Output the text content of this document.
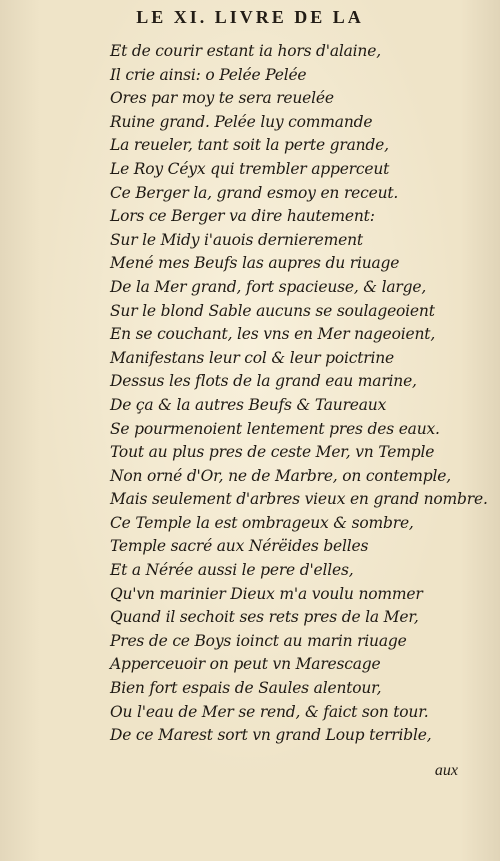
LE XI. LIVRE DE LA
Et de courir estant ia hors d'alaine,
Il crie ainsi: o Pelée Pelée
Ores par moy te sera reuelée
Ruine grand. Pelée luy commande
La reueler, tant soit la perte grande,
Le Roy Céyx qui trembler apperceut
Ce Berger la, grand esmoy en receut.
Lors ce Berger va dire hautement:
Sur le Midy i'auois dernierement
Mené mes Beufs las aupres du riuage
De la Mer grand, fort spacieuse, & large,
Sur le blond Sable aucuns se soulageoient
En se couchant, les vns en Mer nageoient,
Manifestans leur col & leur poictrine
Dessus les flots de la grand eau marine,
De ça & la autres Beufs & Taureaux
Se pourmenoient lentement pres des eaux.
Tout au plus pres de ceste Mer, vn Temple
Non orné d'Or, ne de Marbre, on contemple,
Mais seulement d'arbres vieux en grand nombre.
Ce Temple la est ombrageux & sombre,
Temple sacré aux Nérëides belles
Et a Nérée aussi le pere d'elles,
Qu'vn marinier Dieux m'a voulu nommer
Quand il sechoit ses rets pres de la Mer,
Pres de ce Boys ioinct au marin riuage
Apperceuoir on peut vn Marescage
Bien fort espais de Saules alentour,
Ou l'eau de Mer se rend, & faict son tour.
De ce Marest sort vn grand Loup terrible,
aux
